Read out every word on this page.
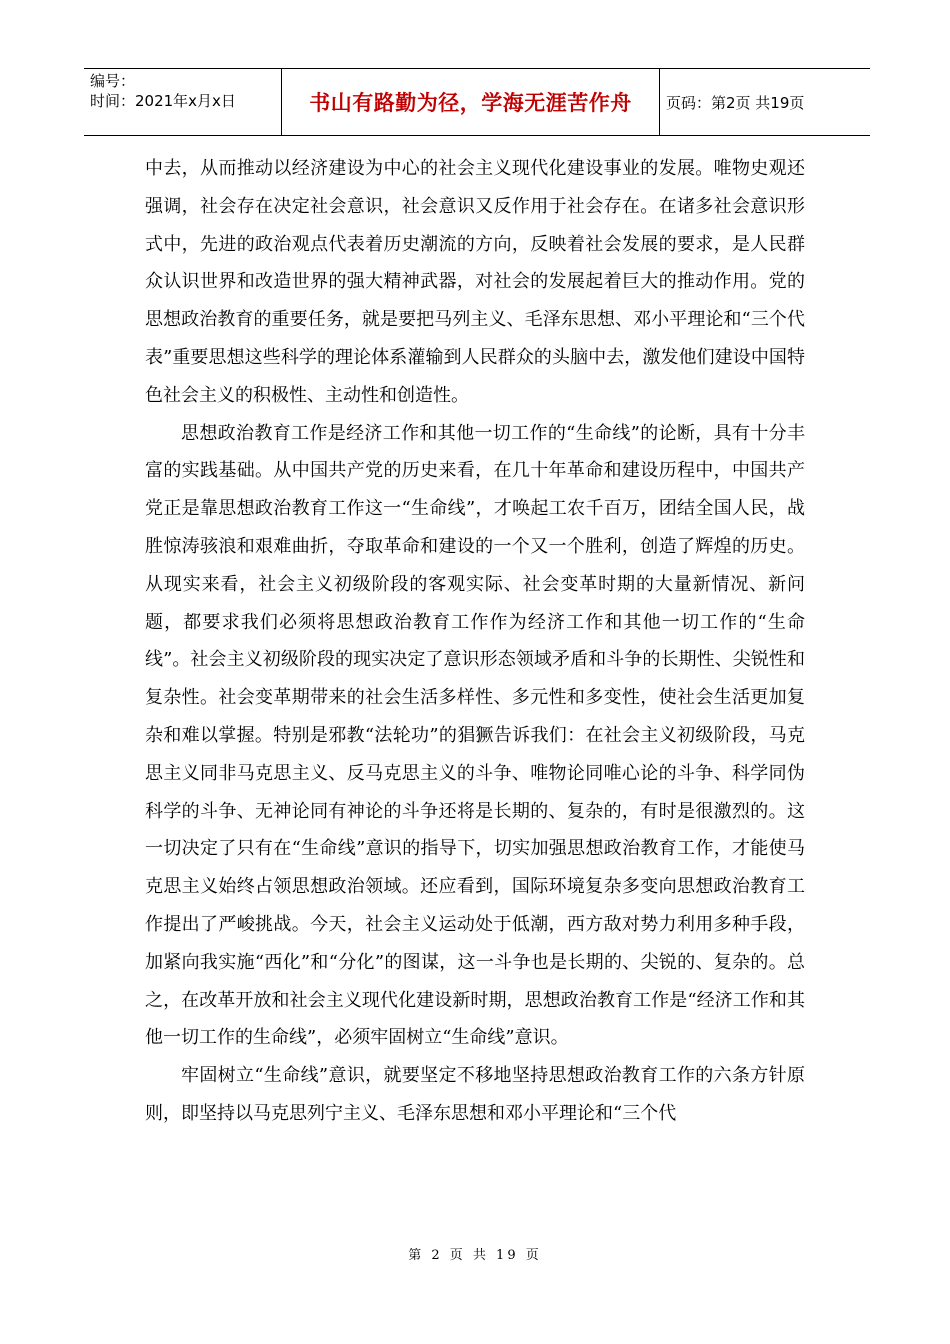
编号：
时间：2021年x月x日	书山有路勤为径，学海无涯苦作舟	页码：第2页 共19页

中去，从而推动以经济建设为中心的社会主义现代化建设事业的发展。唯物史观还强调，社会存在决定社会意识，社会意识又反作用于社会存在。在诸多社会意识形式中，先进的政治观点代表着历史潮流的方向，反映着社会发展的要求，是人民群众认识世界和改造世界的强大精神武器，对社会的发展起着巨大的推动作用。党的思想政治教育的重要任务，就是要把马列主义、毛泽东思想、邓小平理论和“三个代表”重要思想这些科学的理论体系灌输到人民群众的头脑中去，激发他们建设中国特色社会主义的积极性、主动性和创造性。

思想政治教育工作是经济工作和其他一切工作的“生命线”的论断，具有十分丰富的实践基础。从中国共产党的历史来看，在几十年革命和建设历程中，中国共产党正是靠思想政治教育工作这一“生命线”，才唤起工农千百万，团结全国人民，战胜惊涛骇浪和艰难曲折，夺取革命和建设的一个又一个胜利，创造了辉煌的历史。从现实来看，社会主义初级阶段的客观实际、社会变革时期的大量新情况、新问题，都要求我们必须将思想政治教育工作作为经济工作和其他一切工作的“生命线”。社会主义初级阶段的现实决定了意识形态领域矛盾和斗争的长期性、尖锐性和复杂性。社会变革期带来的社会生活多样性、多元性和多变性，使社会生活更加复杂和难以掌握。特别是邪教“法轮功”的猖獗告诉我们：在社会主义初级阶段，马克思主义同非马克思主义、反马克思主义的斗争、唯物论同唯心论的斗争、科学同伪科学的斗争、无神论同有神论的斗争还将是长期的、复杂的，有时是很激烈的。这一切决定了只有在“生命线”意识的指导下，切实加强思想政治教育工作，才能使马克思主义始终占领思想政治领域。还应看到，国际环境复杂多变向思想政治教育工作提出了严峻挑战。今天，社会主义运动处于低潮，西方敌对势力利用多种手段，加紧向我实施“西化”和“分化”的图谋，这一斗争也是长期的、尖锐的、复杂的。总之，在改革开放和社会主义现代化建设新时期，思想政治教育工作是“经济工作和其他一切工作的生命线”，必须牢固树立“生命线”意识。

牢固树立“生命线”意识，就要坚定不移地坚持思想政治教育工作的六条方针原则，即坚持以马克思列宁主义、毛泽东思想和邓小平理论和“三个代

第 2 页 共 19 页
